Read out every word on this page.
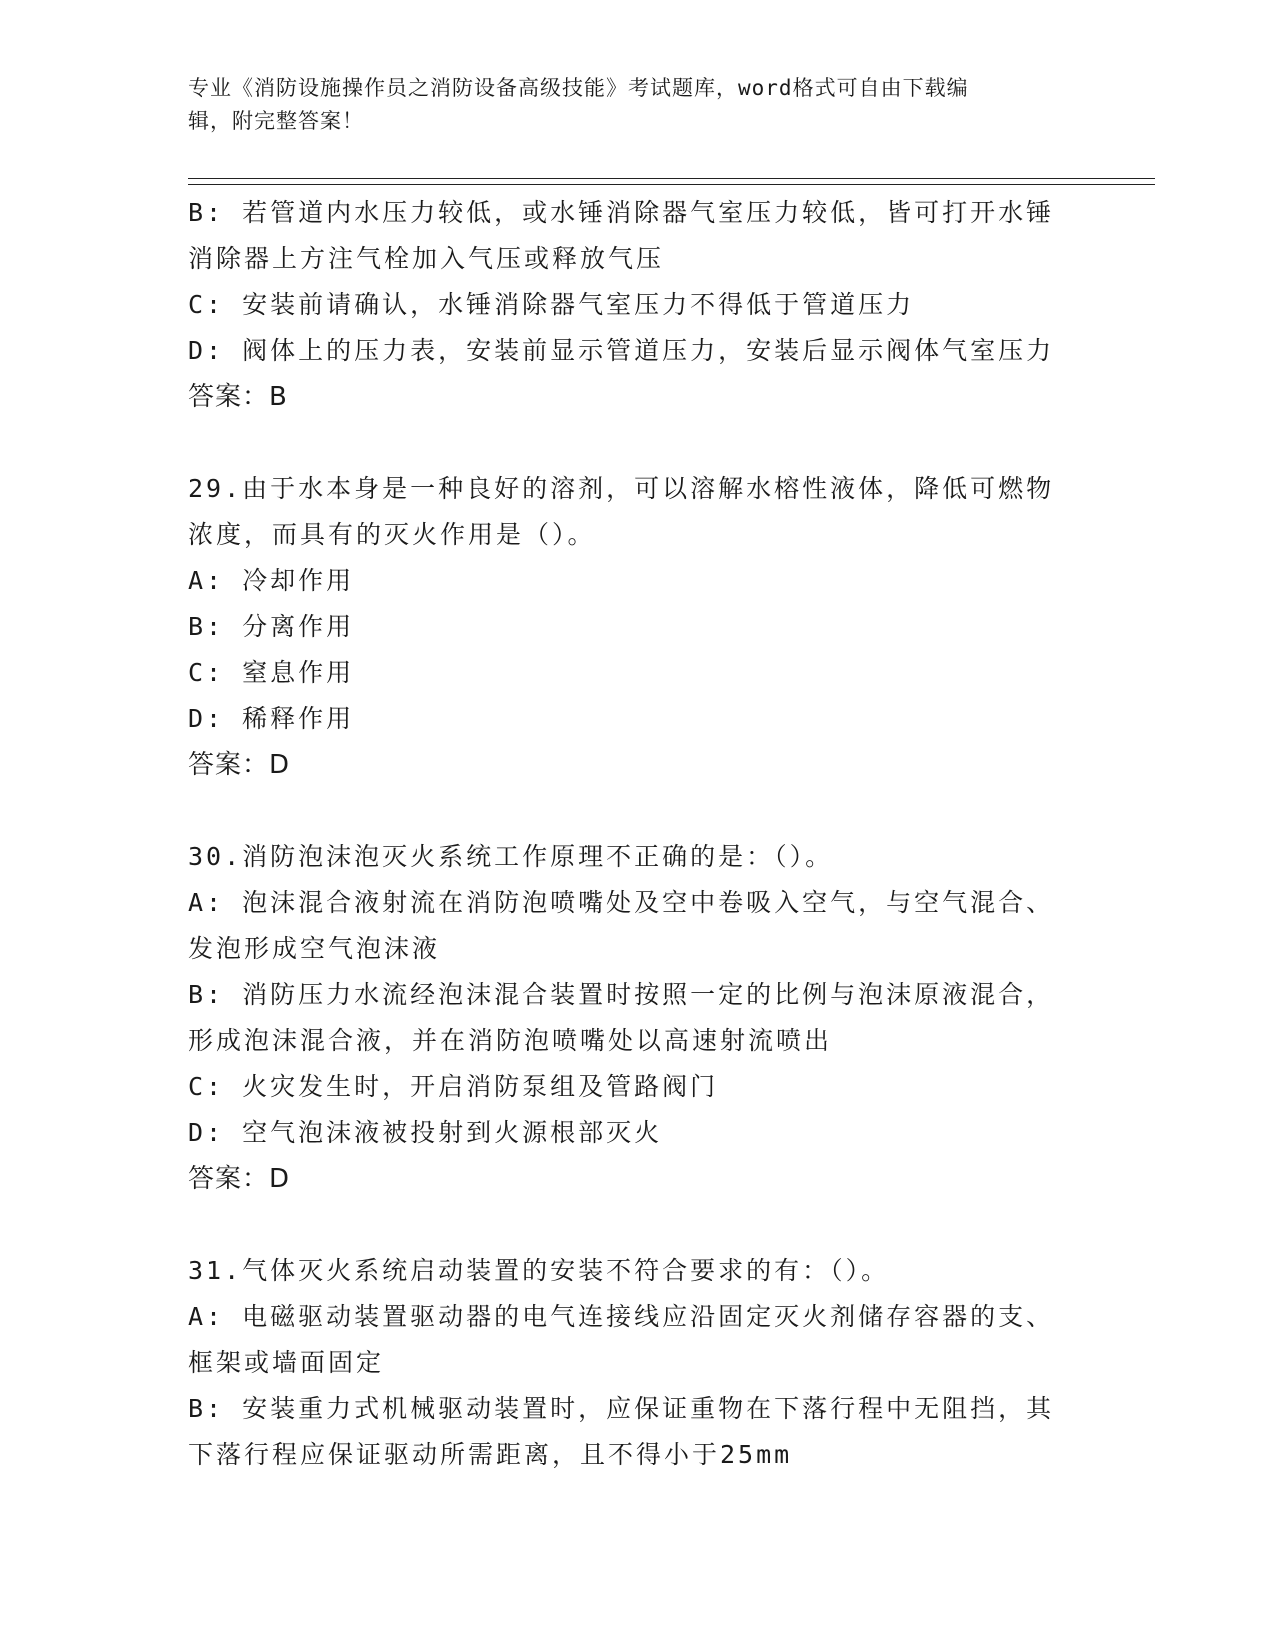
专业《消防设施操作员之消防设备高级技能》考试题库，word格式可自由下载编
辑，附完整答案！
B: 若管道内水压力较低，或水锤消除器气室压力较低，皆可打开水锤
消除器上方注气栓加入气压或释放气压
C: 安装前请确认，水锤消除器气室压力不得低于管道压力
D: 阀体上的压力表，安装前显示管道压力，安装后显示阀体气室压力
答案：B
29.由于水本身是一种良好的溶剂，可以溶解水榕性液体，降低可燃物
浓度，而具有的灭火作用是（）。
A: 冷却作用
B: 分离作用
C: 窒息作用
D: 稀释作用
答案：D
30.消防泡沫泡灭火系统工作原理不正确的是：（）。
A: 泡沫混合液射流在消防泡喷嘴处及空中卷吸入空气，与空气混合、
发泡形成空气泡沫液
B: 消防压力水流经泡沫混合装置时按照一定的比例与泡沫原液混合，
形成泡沫混合液，并在消防泡喷嘴处以高速射流喷出
C: 火灾发生时，开启消防泵组及管路阀门
D: 空气泡沫液被投射到火源根部灭火
答案：D
31.气体灭火系统启动装置的安装不符合要求的有：（）。
A: 电磁驱动装置驱动器的电气连接线应沿固定灭火剂储存容器的支、
框架或墙面固定
B: 安装重力式机械驱动装置时，应保证重物在下落行程中无阻挡，其
下落行程应保证驱动所需距离，且不得小于25mm
